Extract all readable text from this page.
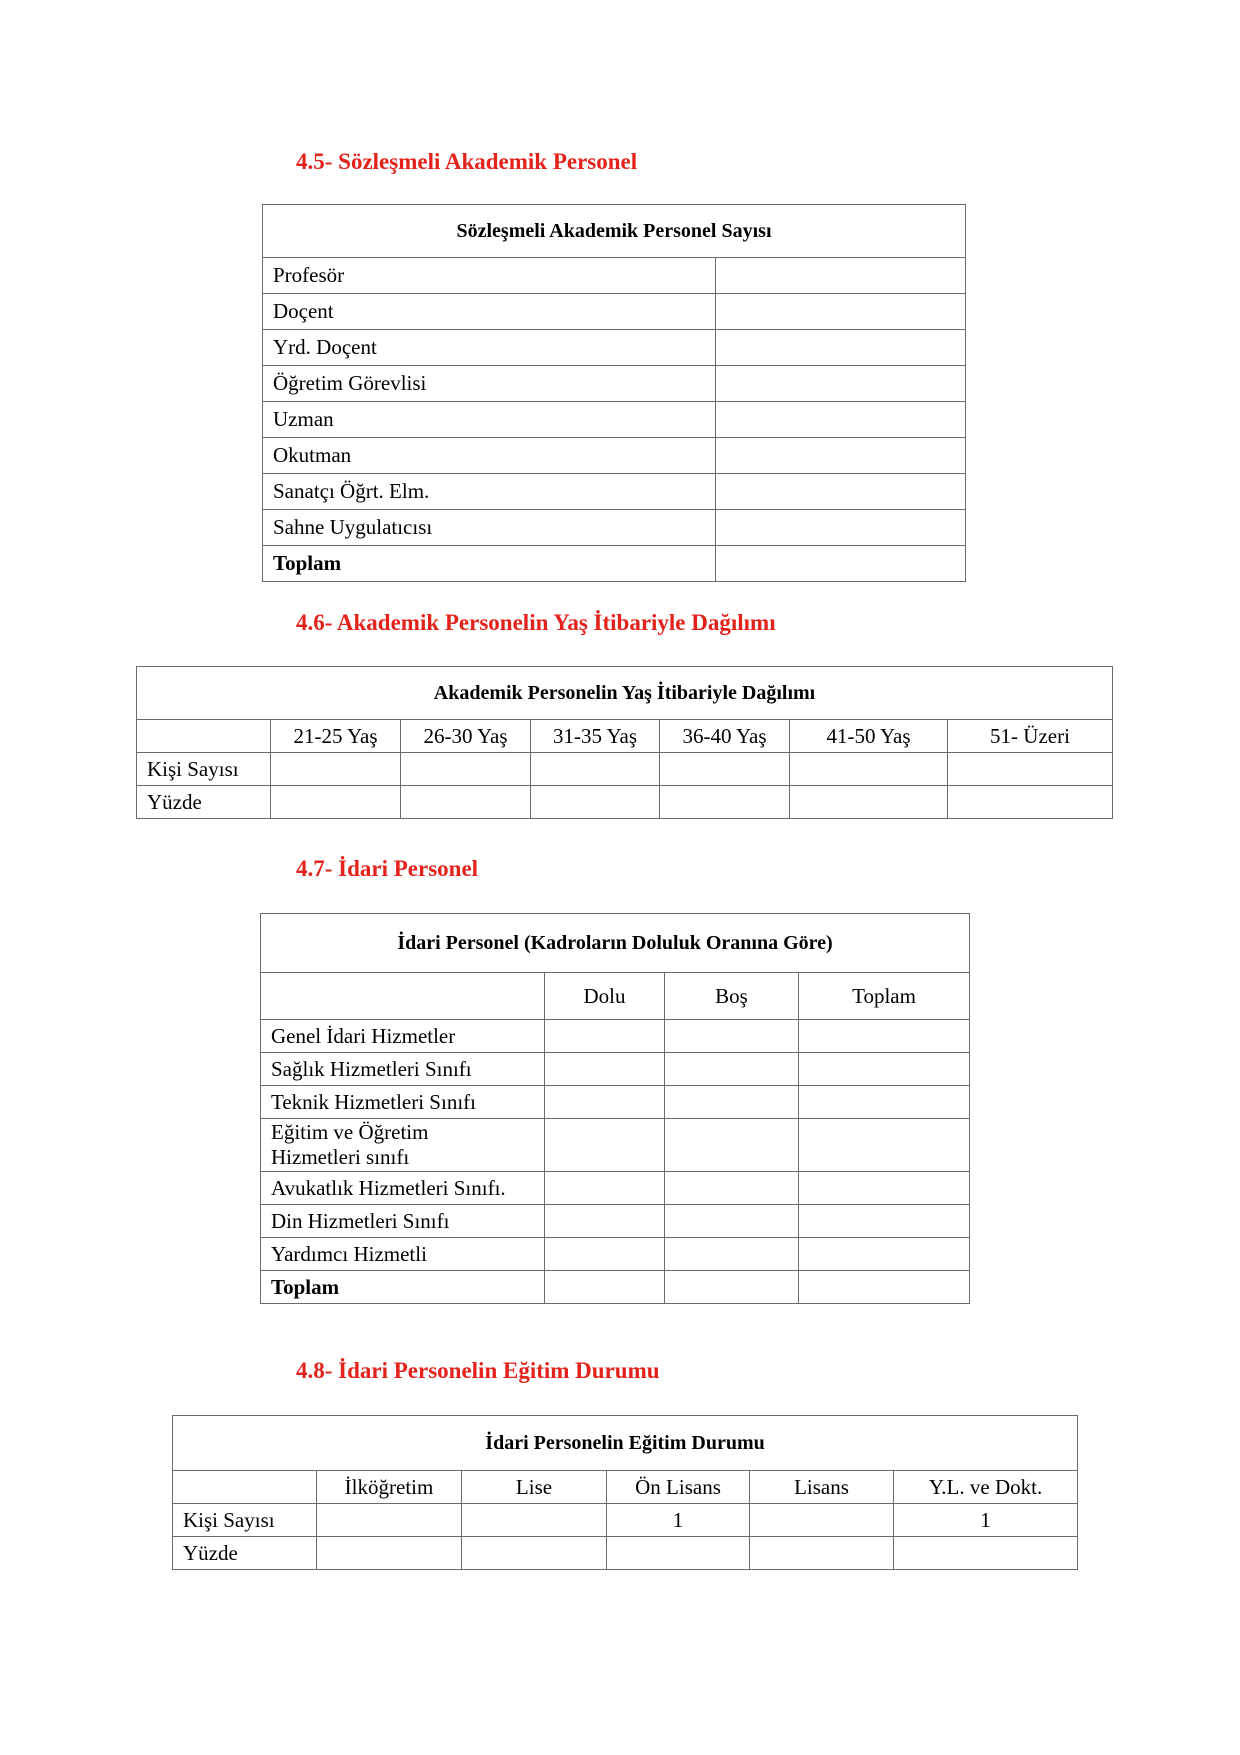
4.5- Sözleşmeli Akademik Personel
Sözleşmeli Akademik Personel Sayısı	
Profesör	
Doçent	
Yrd. Doçent	
Öğretim Görevlisi	
Uzman	
Okutman	
Sanatçı Öğrt. Elm.	
Sahne Uygulatıcısı	
Toplam	
4.6- Akademik Personelin Yaş İtibariyle Dağılımı
Akademik Personelin Yaş İtibariyle Dağılımı						
	21-25 Yaş	26-30 Yaş	31-35 Yaş	36-40 Yaş	41-50 Yaş	51- Üzeri
Kişi Sayısı						
Yüzde						
4.7- İdari Personel
İdari Personel (Kadroların Doluluk Oranına Göre)			
	Dolu	Boş	Toplam
Genel İdari Hizmetler			
Sağlık Hizmetleri Sınıfı			
Teknik Hizmetleri Sınıfı			
Eğitim ve Öğretim Hizmetleri sınıfı			
Avukatlık Hizmetleri Sınıfı.			
Din Hizmetleri Sınıfı			
Yardımcı Hizmetli			
Toplam			
4.8- İdari Personelin Eğitim Durumu
İdari Personelin Eğitim Durumu					
	İlköğretim	Lise	Ön Lisans	Lisans	Y.L. ve Dokt.
Kişi Sayısı			1		1
Yüzde					
